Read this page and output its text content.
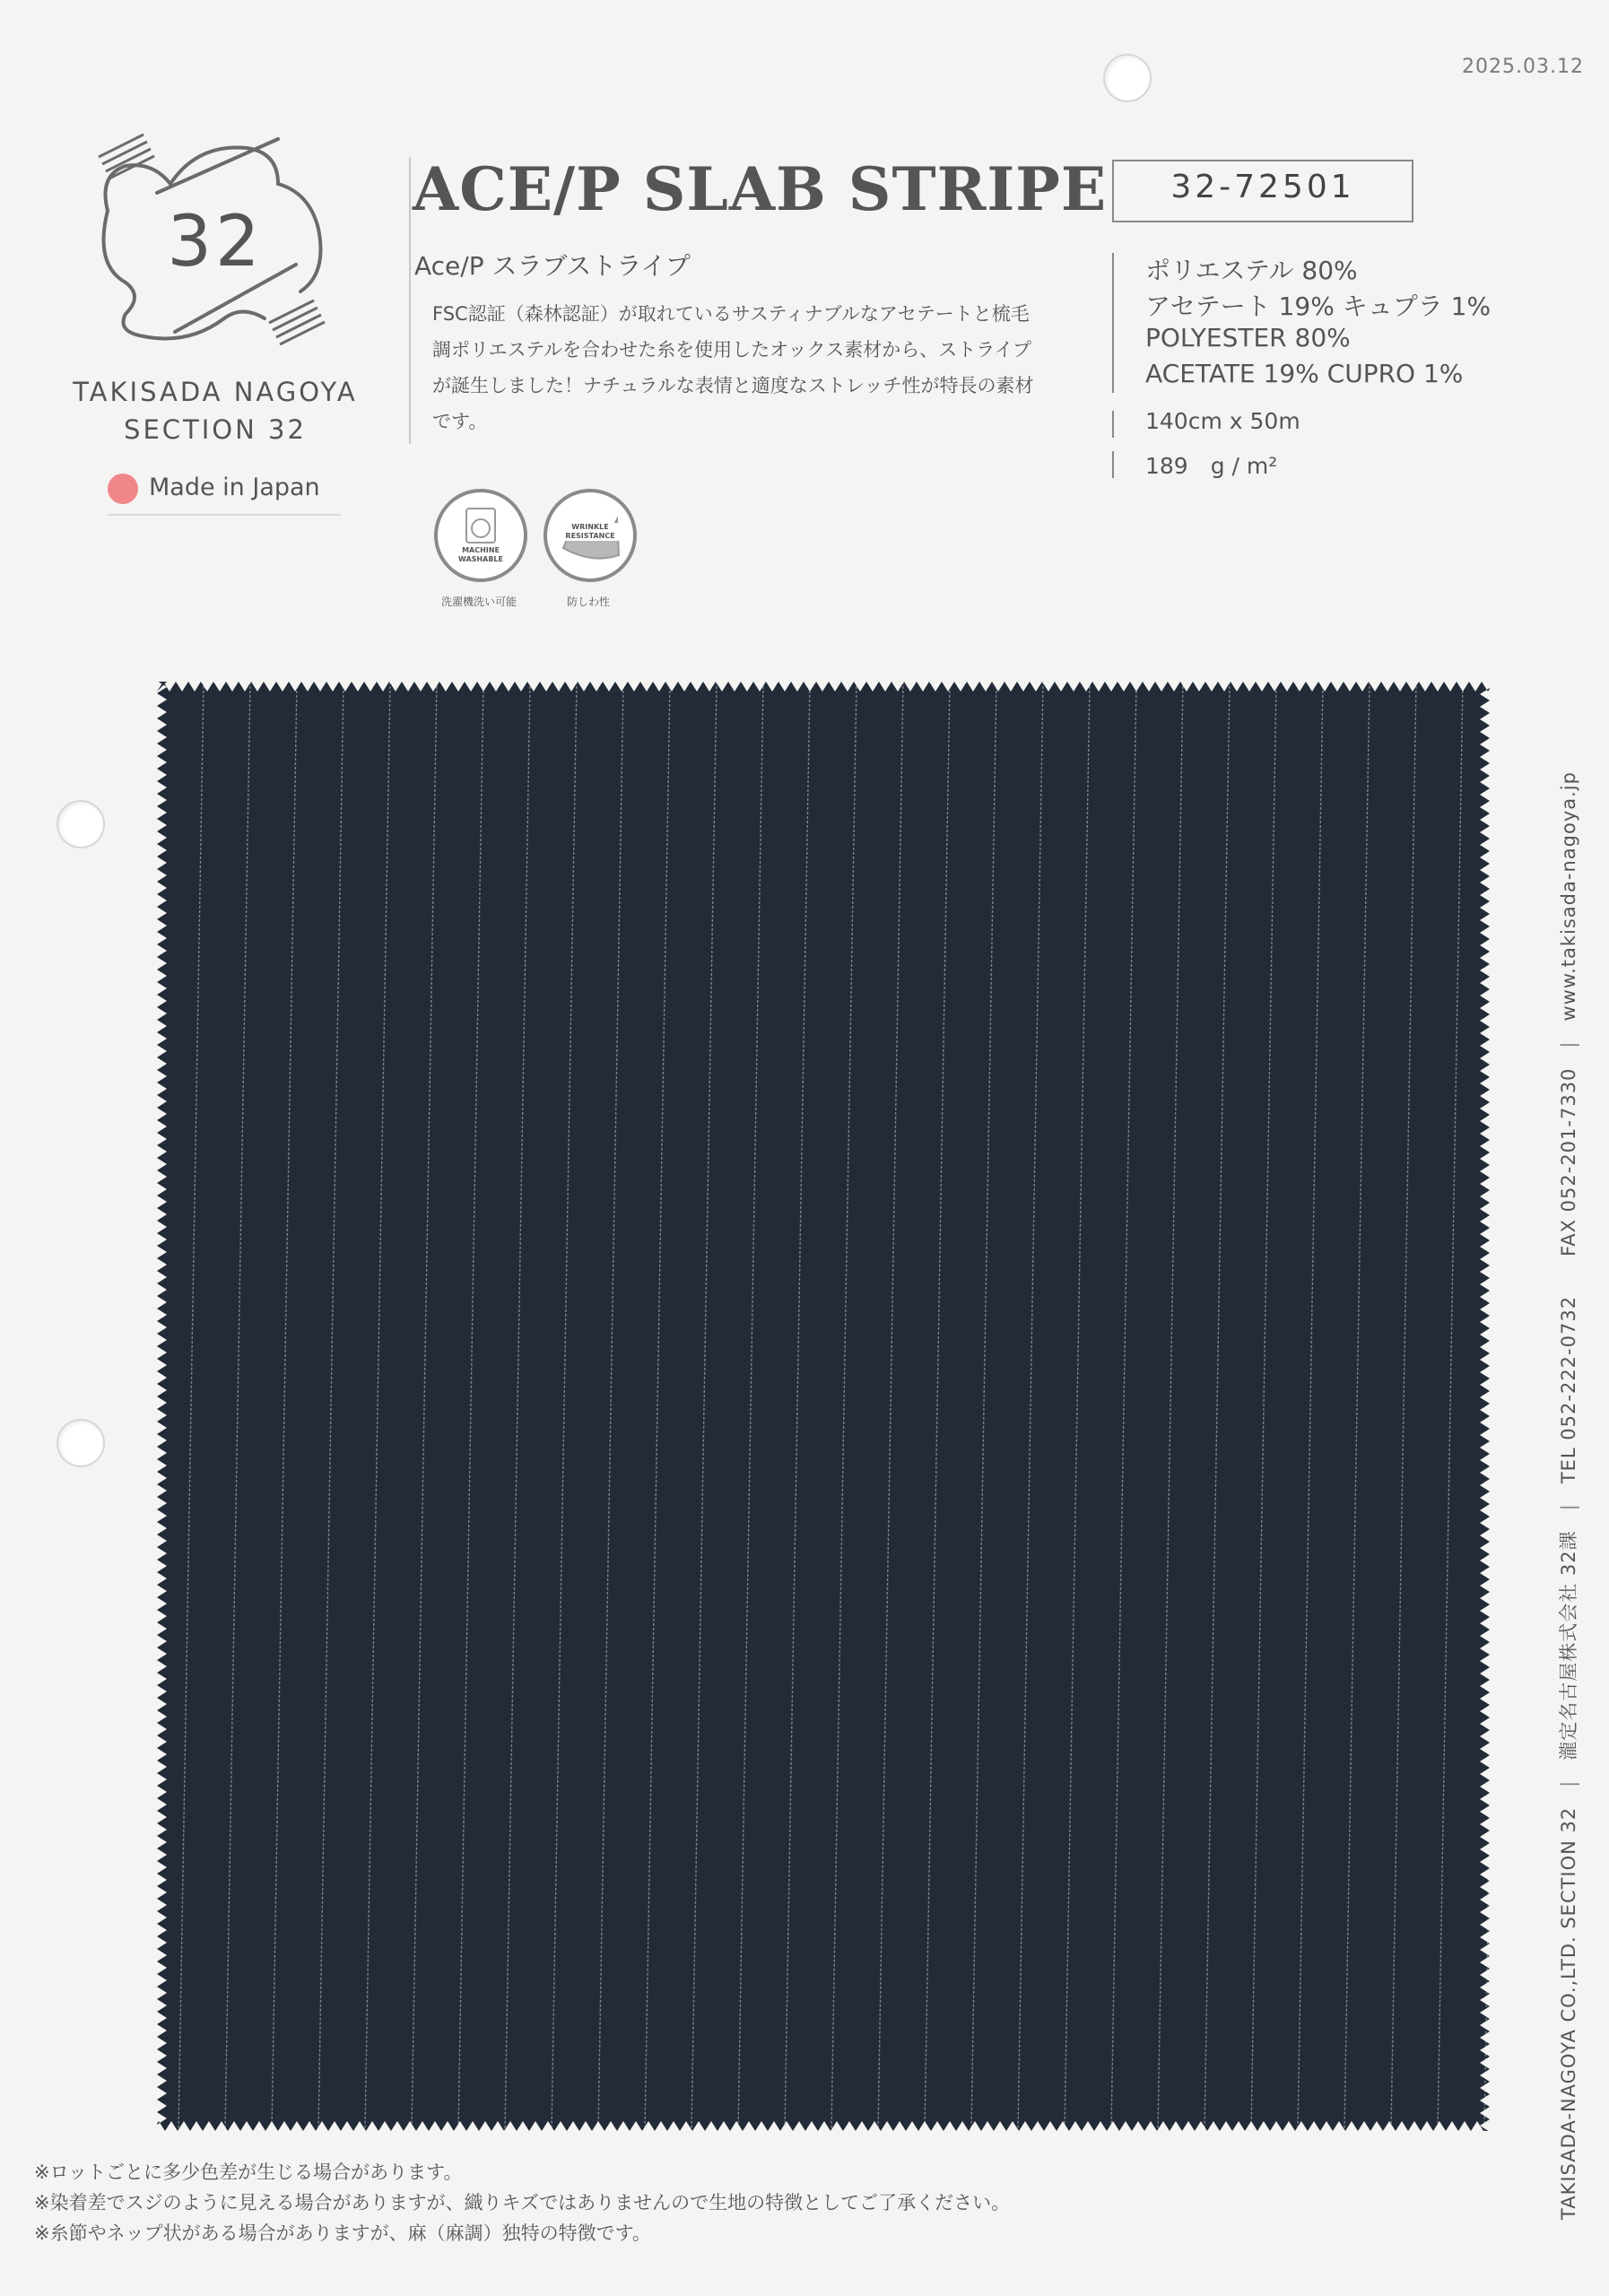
2025.03.12
32
TAKISADA NAGOYA
SECTION 32
Made in Japan
ACE/P SLAB STRIPE
Ace/P スラブストライプ
FSC認証（森林認証）が取れているサスティナブルなアセテートと梳毛
調ポリエステルを合わせた糸を使用したオックス素材から、ストライプ
が誕生しました！ナチュラルな表情と適度なストレッチ性が特長の素材
です。
MACHINE WASHABLE
洗濯機洗い可能
WRINKLE RESISTANCE
防しわ性
32-72501
ポリエステル 80%
アセテート 19% キュプラ 1%
POLYESTER 80%
ACETATE 19% CUPRO 1%
140cm x 50m
189　g / m²
※ロットごとに多少色差が生じる場合があります。
※染着差でスジのように見える場合がありますが、織りキズではありませんので生地の特徴としてご了承ください。
※糸節やネップ状がある場合がありますが、麻（麻調）独特の特徴です。
TAKISADA-NAGOYA CO.,LTD. SECTION 32|瀧定名古屋株式会社 32課|TEL 052-222-0732FAX 052-201-7330|www.takisada-nagoya.jp
